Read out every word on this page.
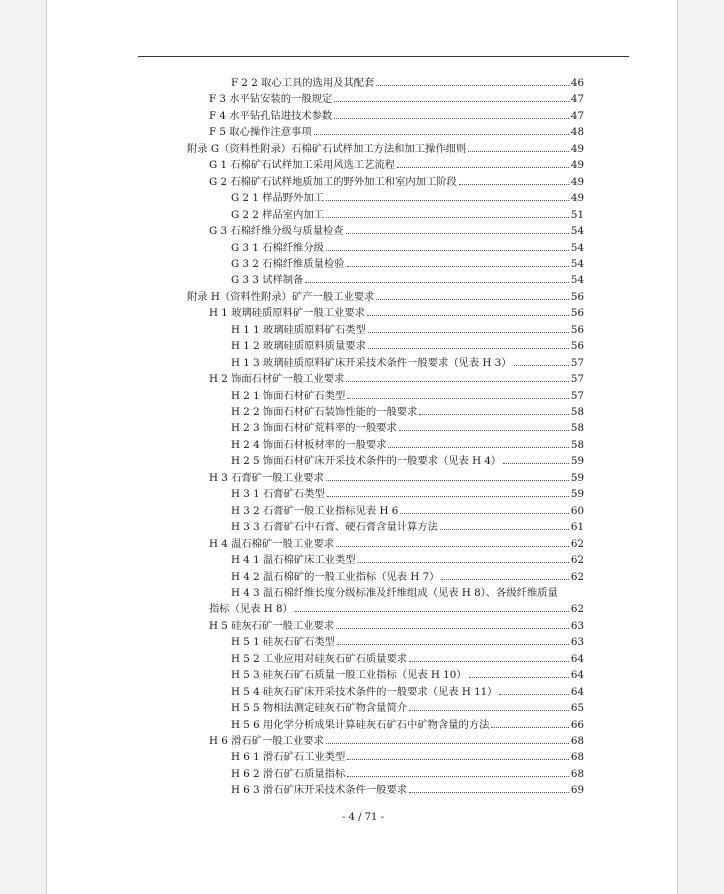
F 2 2 取心工具的选用及其配套	46
F 3 水平钻安装的一般规定	47
F 4 水平钻孔钻进技术参数	47
F 5 取心操作注意事项	48
附录 G（资料性附录）石棉矿石试样加工方法和加工操作细则	49
G 1 石棉矿石试样加工采用风选工艺流程	49
G 2 石棉矿石试样地质加工的野外加工和室内加工阶段	49
G 2 1 样品野外加工	49
G 2 2 样品室内加工	51
G 3 石棉纤维分级与质量检查	54
G 3 1 石棉纤维分级	54
G 3 2 石棉纤维质量检验	54
G 3 3 试样制备	54
附录 H（资料性附录）矿产一般工业要求	56
H 1 玻璃硅质原料矿一般工业要求	56
H 1 1 玻璃硅质原料矿石类型	56
H 1 2 玻璃硅质原料质量要求	56
H 1 3 玻璃硅质原料矿床开采技术条件一般要求（见表 H 3）	57
H 2 饰面石材矿一般工业要求	57
H 2 1 饰面石材矿石类型	57
H 2 2 饰面石材矿石装饰性能的一般要求	58
H 2 3 饰面石材矿荒料率的一般要求	58
H 2 4 饰面石材板材率的一般要求	58
H 2 5 饰面石材矿床开采技术条件的一般要求（见表 H 4）	59
H 3 石膏矿一般工业要求	59
H 3 1 石膏矿石类型	59
H 3 2 石膏矿一般工业指标见表 H 6	60
H 3 3 石膏矿石中石膏、硬石膏含量计算方法	61
H 4 温石棉矿一般工业要求	62
H 4 1 温石棉矿床工业类型	62
H 4 2 温石棉矿的一般工业指标（见表 H 7）	62
H 4 3 温石棉纤维长度分级标准及纤维组成（见表 H 8）、各级纤维质量
指标（见表 H 8）	62
H 5 硅灰石矿一般工业要求	63
H 5 1 硅灰石矿石类型	63
H 5 2 工业应用对硅灰石矿石质量要求	64
H 5 3 硅灰石矿石质量一般工业指标（见表 H 10）	64
H 5 4 硅灰石矿床开采技术条件的一般要求（见表 H 11）	64
H 5 5 物相法测定硅灰石矿物含量简介	65
H 5 6 用化学分析成果计算硅灰石矿石中矿物含量的方法	66
H 6 滑石矿一般工业要求	68
H 6 1 滑石矿石工业类型	68
H 6 2 滑石矿石质量指标	68
H 6 3 滑石矿床开采技术条件一般要求	69
- 4 / 71 -
